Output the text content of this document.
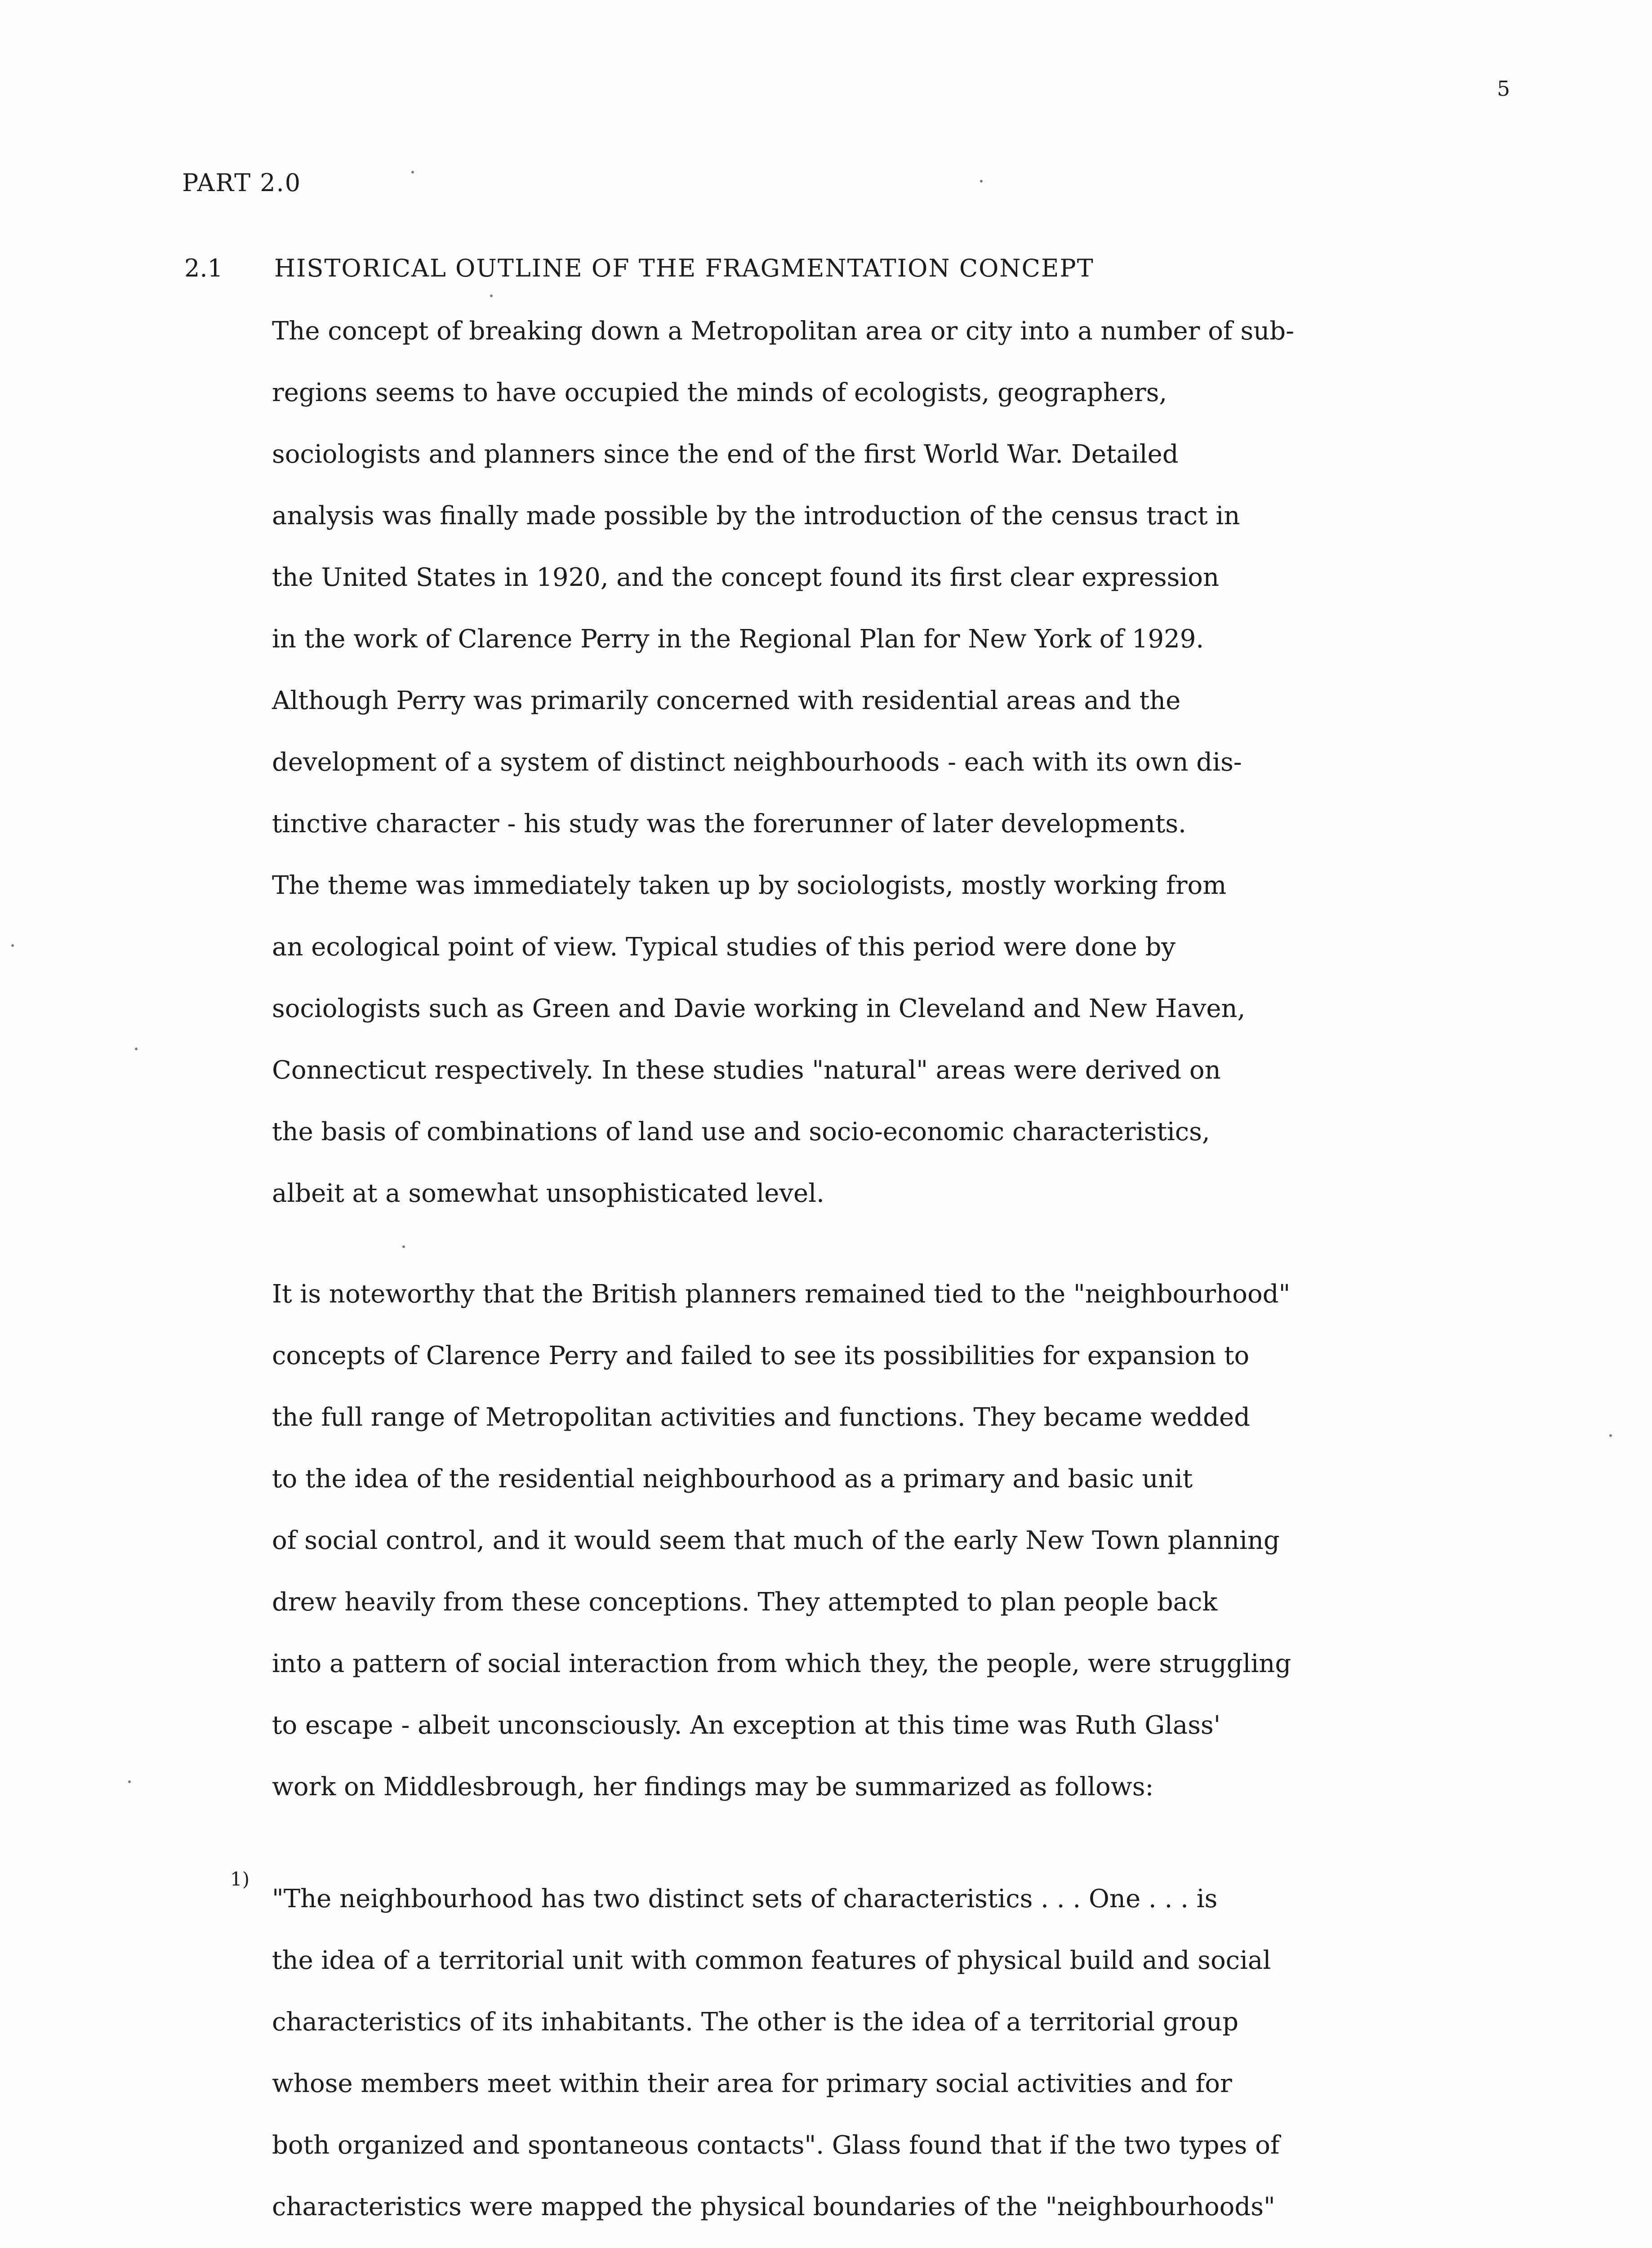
5
PART 2.0
2.1 HISTORICAL OUTLINE OF THE FRAGMENTATION CONCEPT
The concept of breaking down a Metropolitan area or city into a number of sub-
regions seems to have occupied the minds of ecologists, geographers,
sociologists and planners since the end of the first World War. Detailed
analysis was finally made possible by the introduction of the census tract in
the United States in 1920, and the concept found its first clear expression
in the work of Clarence Perry in the Regional Plan for New York of 1929.
Although Perry was primarily concerned with residential areas and the
development of a system of distinct neighbourhoods - each with its own dis-
tinctive character - his study was the forerunner of later developments.
The theme was immediately taken up by sociologists, mostly working from
an ecological point of view. Typical studies of this period were done by
sociologists such as Green and Davie working in Cleveland and New Haven,
Connecticut respectively. In these studies "natural" areas were derived on
the basis of combinations of land use and socio-economic characteristics,
albeit at a somewhat unsophisticated level.
It is noteworthy that the British planners remained tied to the "neighbourhood"
concepts of Clarence Perry and failed to see its possibilities for expansion to
the full range of Metropolitan activities and functions. They became wedded
to the idea of the residential neighbourhood as a primary and basic unit
of social control, and it would seem that much of the early New Town planning
drew heavily from these conceptions. They attempted to plan people back
into a pattern of social interaction from which they, the people, were struggling
to escape - albeit unconsciously. An exception at this time was Ruth Glass'
work on Middlesbrough, her findings may be summarized as follows:
1)
"The neighbourhood has two distinct sets of characteristics . . . One . . . is
the idea of a territorial unit with common features of physical build and social
characteristics of its inhabitants. The other is the idea of a territorial group
whose members meet within their area for primary social activities and for
both organized and spontaneous contacts". Glass found that if the two types of
characteristics were mapped the physical boundaries of the "neighbourhoods"
